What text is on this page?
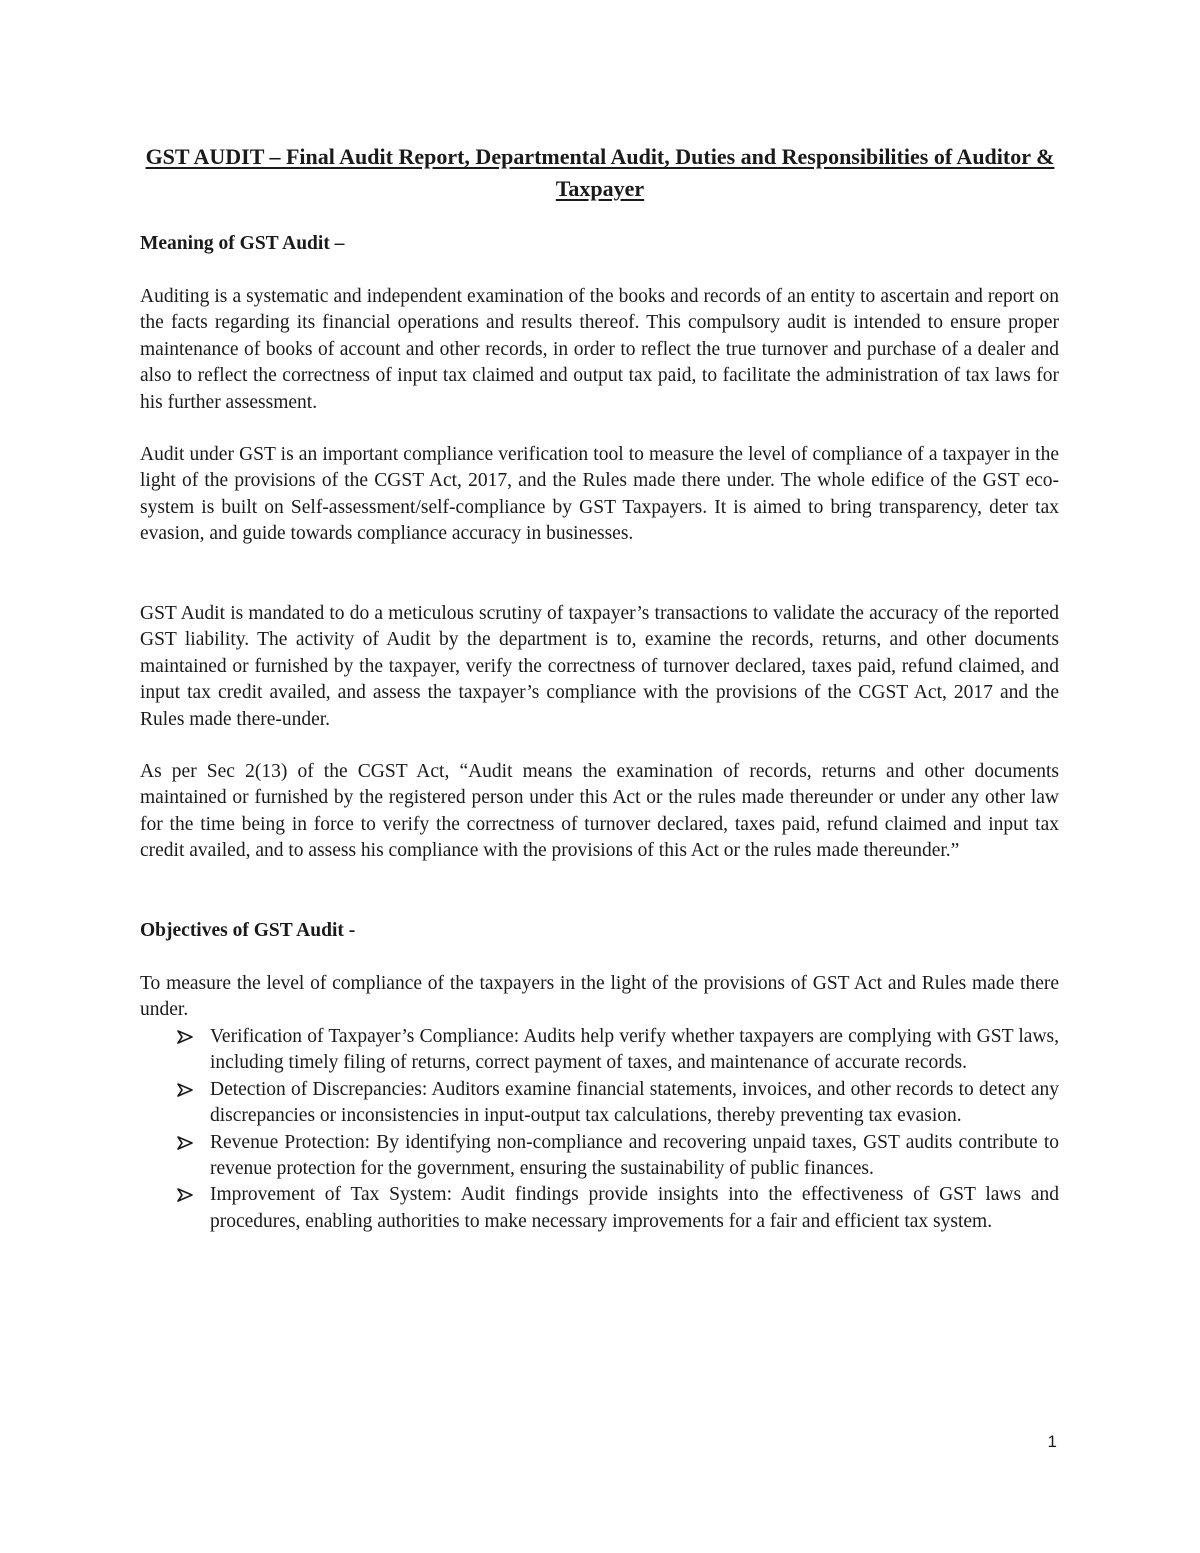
GST AUDIT – Final Audit Report, Departmental Audit, Duties and Responsibilities of Auditor & Taxpayer
Meaning of GST Audit –

Auditing is a systematic and independent examination of the books and records of an entity to ascertain and report on the facts regarding its financial operations and results thereof. This compulsory audit is intended to ensure proper maintenance of books of account and other records, in order to reflect the true turnover and purchase of a dealer and also to reflect the correctness of input tax claimed and output tax paid, to facilitate the administration of tax laws for his further assessment.

Audit under GST is an important compliance verification tool to measure the level of compliance of a taxpayer in the light of the provisions of the CGST Act, 2017, and the Rules made there under. The whole edifice of the GST eco-system is built on Self-assessment/self-compliance by GST Taxpayers. It is aimed to bring transparency, deter tax evasion, and guide towards compliance accuracy in businesses.

GST Audit is mandated to do a meticulous scrutiny of taxpayer’s transactions to validate the accuracy of the reported GST liability. The activity of Audit by the department is to, examine the records, returns, and other documents maintained or furnished by the taxpayer, verify the correctness of turnover declared, taxes paid, refund claimed, and input tax credit availed, and assess the taxpayer’s compliance with the provisions of the CGST Act, 2017 and the Rules made there-under.

As per Sec 2(13) of the CGST Act, “Audit means the examination of records, returns and other documents maintained or furnished by the registered person under this Act or the rules made thereunder or under any other law for the time being in force to verify the correctness of turnover declared, taxes paid, refund claimed and input tax credit availed, and to assess his compliance with the provisions of this Act or the rules made thereunder.”

Objectives of GST Audit -

To measure the level of compliance of the taxpayers in the light of the provisions of GST Act and Rules made there under.

Verification of Taxpayer’s Compliance: Audits help verify whether taxpayers are complying with GST laws, including timely filing of returns, correct payment of taxes, and maintenance of accurate records.
Detection of Discrepancies: Auditors examine financial statements, invoices, and other records to detect any discrepancies or inconsistencies in input-output tax calculations, thereby preventing tax evasion.
Revenue Protection: By identifying non-compliance and recovering unpaid taxes, GST audits contribute to revenue protection for the government, ensuring the sustainability of public finances.
Improvement of Tax System: Audit findings provide insights into the effectiveness of GST laws and procedures, enabling authorities to make necessary improvements for a fair and efficient tax system.
1
